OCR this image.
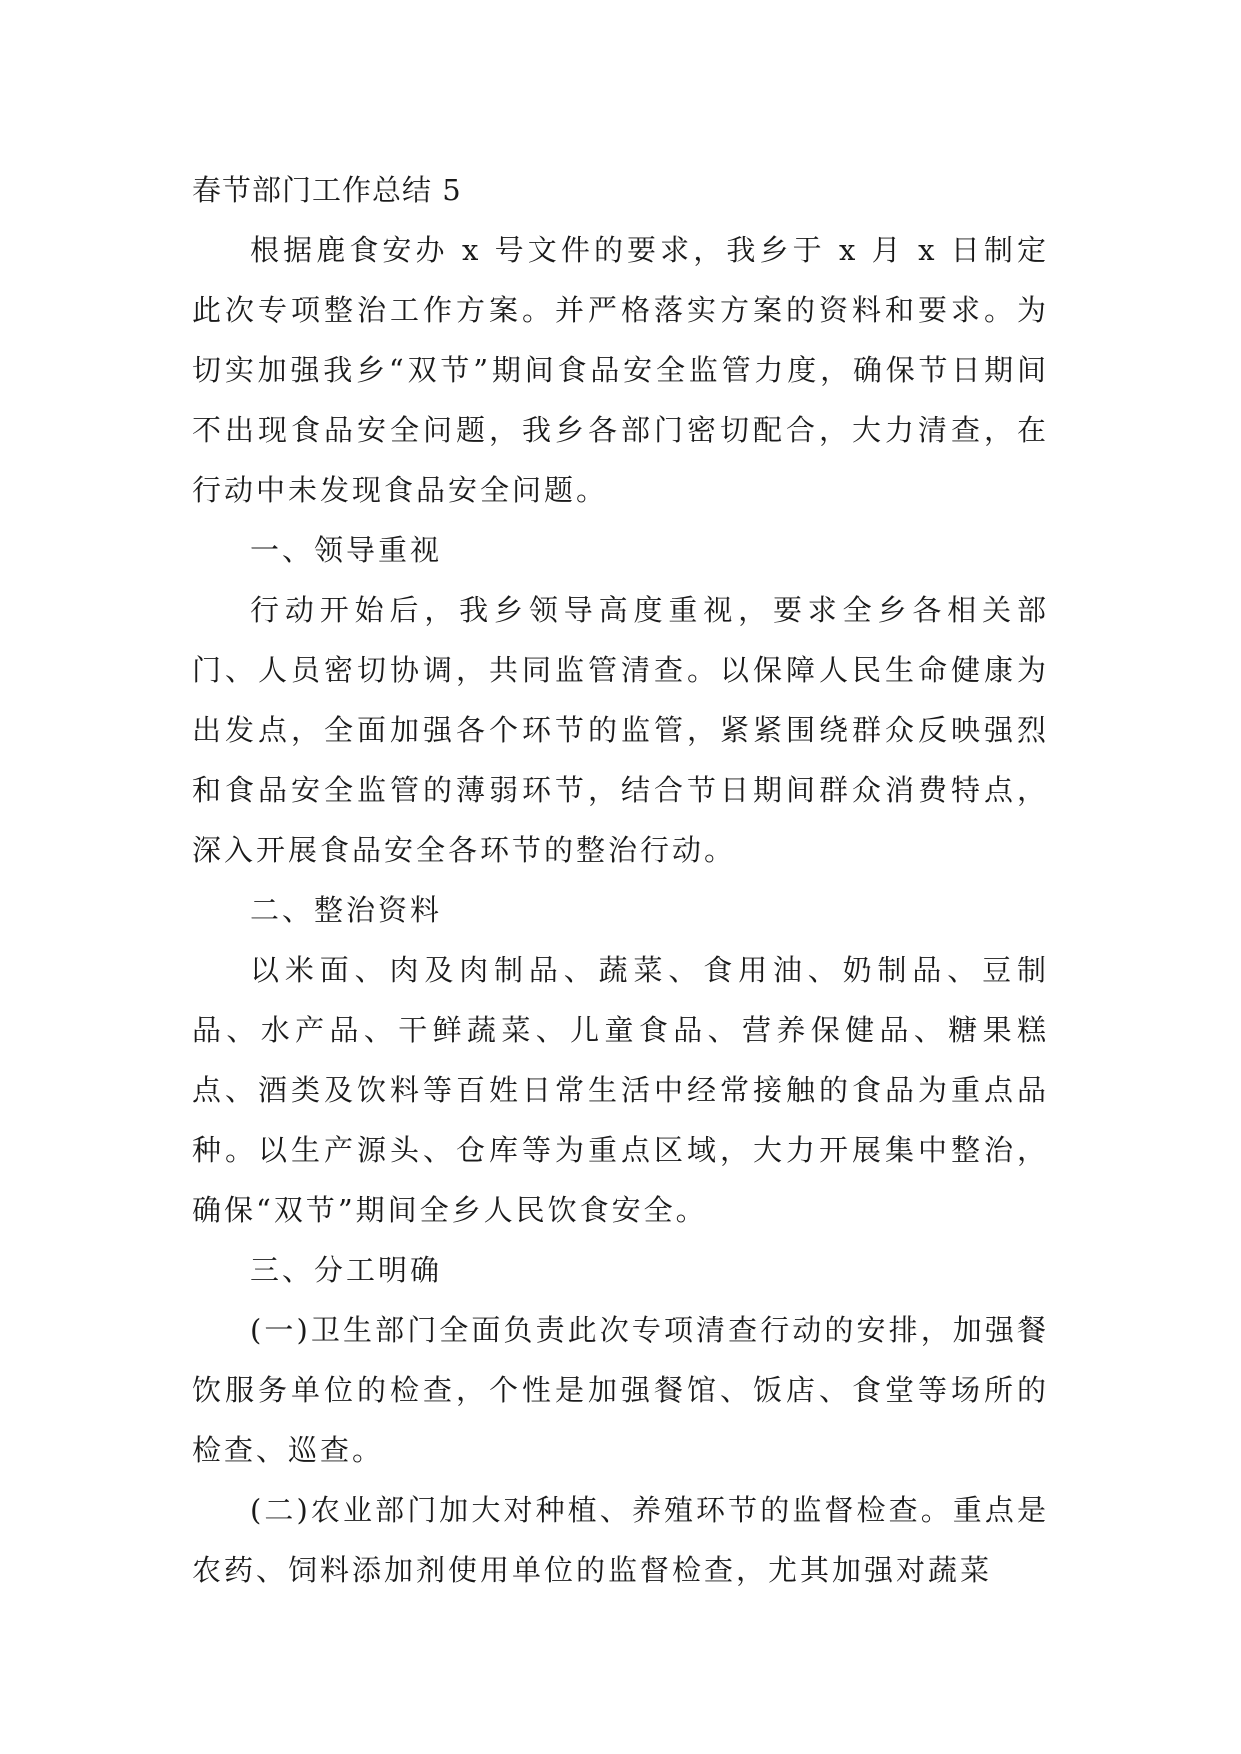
春节部门工作总结 5

根据鹿食安办 x 号文件的要求，我乡于 x 月 x 日制定此次专项整治工作方案。并严格落实方案的资料和要求。为切实加强我乡“双节”期间食品安全监管力度，确保节日期间不出现食品安全问题，我乡各部门密切配合，大力清查，在行动中未发现食品安全问题。

一、领导重视

行动开始后，我乡领导高度重视，要求全乡各相关部门、人员密切协调，共同监管清查。以保障人民生命健康为出发点，全面加强各个环节的监管，紧紧围绕群众反映强烈和食品安全监管的薄弱环节，结合节日期间群众消费特点，深入开展食品安全各环节的整治行动。

二、整治资料

以米面、肉及肉制品、蔬菜、食用油、奶制品、豆制品、水产品、干鲜蔬菜、儿童食品、营养保健品、糖果糕点、酒类及饮料等百姓日常生活中经常接触的食品为重点品种。以生产源头、仓库等为重点区域，大力开展集中整治，确保“双节”期间全乡人民饮食安全。

三、分工明确

(一)卫生部门全面负责此次专项清查行动的安排，加强餐饮服务单位的检查，个性是加强餐馆、饭店、食堂等场所的检查、巡查。

(二)农业部门加大对种植、养殖环节的监督检查。重点是农药、饲料添加剂使用单位的监督检查，尤其加强对蔬菜
